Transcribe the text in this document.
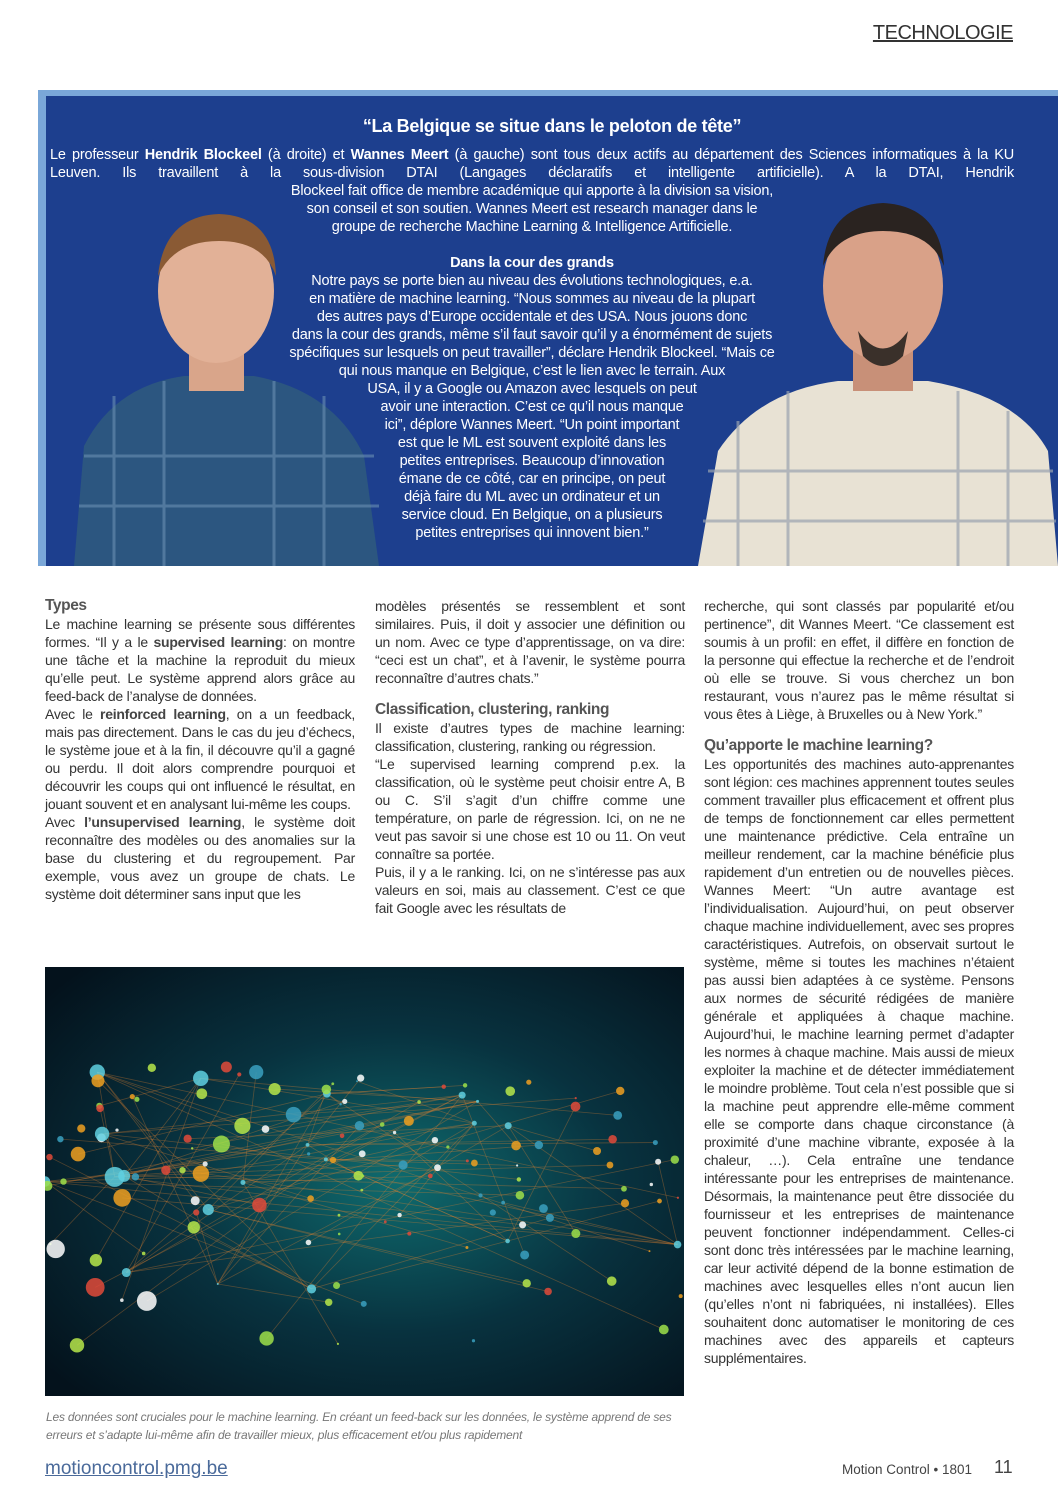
TECHNOLOGIE
“La Belgique se situe dans le peloton de tête”
Le professeur Hendrik Blockeel (à droite) et Wannes Meert (à gauche) sont tous deux actifs au département des Sciences informatiques à la KU
Leuven. Ils travaillent à la sous-division DTAI (Langages déclaratifs et intelligente artificielle). A la DTAI, Hendrik
Blockeel fait office de membre académique qui apporte à la division sa vision,
son conseil et son soutien. Wannes Meert est research manager dans le
groupe de recherche Machine Learning & Intelligence Artificielle.
Dans la cour des grands
Notre pays se porte bien au niveau des évolutions technologiques, e.a.
en matière de machine learning. “Nous sommes au niveau de la plupart
des autres pays d’Europe occidentale et des USA. Nous jouons donc
dans la cour des grands, même s’il faut savoir qu’il y a énormément de sujets
spécifiques sur lesquels on peut travailler”, déclare Hendrik Blockeel. “Mais ce
qui nous manque en Belgique, c’est le lien avec le terrain. Aux
USA, il y a Google ou Amazon avec lesquels on peut
avoir une interaction. C’est ce qu’il nous manque
ici”, déplore Wannes Meert. “Un point important
est que le ML est souvent exploité dans les
petites entreprises. Beaucoup d’innovation
émane de ce côté, car en principe, on peut
déjà faire du ML avec un ordinateur et un
service cloud. En Belgique, on a plusieurs
petites entreprises qui innovent bien.”
Types

Le machine learning se présente sous différentes formes. “Il y a le supervised learning: on montre une tâche et la machine la reproduit du mieux qu’elle peut. Le système apprend alors grâce au feed-back de l’analyse de données.

Avec le reinforced learning, on a un feedback, mais pas directement. Dans le cas du jeu d’échecs, le système joue et à la fin, il découvre qu’il a gagné ou perdu. Il doit alors comprendre pourquoi et découvrir les coups qui ont influencé le résultat, en jouant souvent et en analysant lui-même les coups.

Avec l’unsupervised learning, le système doit reconnaître des modèles ou des anomalies sur la base du clustering et du regroupement. Par exemple, vous avez un groupe de chats. Le système doit déterminer sans input que les

modèles présentés se ressemblent et sont similaires. Puis, il doit y associer une définition ou un nom. Avec ce type d’apprentissage, on va dire: “ceci est un chat”, et à l’avenir, le système pourra reconnaître d’autres chats.”

Classification, clustering, ranking

Il existe d’autres types de machine learning: classification, clustering, ranking ou régression.

“Le supervised learning comprend p.ex. la classification, où le système peut choisir entre A, B ou C. S’il s’agit d’un chiffre comme une température, on parle de régression. Ici, on ne ne veut pas savoir si une chose est 10 ou 11. On veut connaître sa portée.

Puis, il y a le ranking. Ici, on ne s’intéresse pas aux valeurs en soi, mais au classement. C’est ce que fait Google avec les résultats de

recherche, qui sont classés par popularité et/ou pertinence”, dit Wannes Meert. “Ce classement est soumis à un profil: en effet, il diffère en fonction de la personne qui effectue la recherche et de l’endroit où elle se trouve. Si vous cherchez un bon restaurant, vous n’aurez pas le même résultat si vous êtes à Liège, à Bruxelles ou à New York.”

Qu’apporte le machine learning?

Les opportunités des machines auto-apprenantes sont légion: ces machines apprennent toutes seules comment travailler plus efficacement et offrent plus de temps de fonctionnement car elles permettent une maintenance prédictive. Cela entraîne un meilleur rendement, car la machine bénéficie plus rapidement d’un entretien ou de nouvelles pièces. Wannes Meert: “Un autre avantage est l’individualisation. Aujourd’hui, on peut observer chaque machine individuellement, avec ses propres caractéristiques. Autrefois, on observait surtout le système, même si toutes les machines n’étaient pas aussi bien adaptées à ce système. Pensons aux normes de sécurité rédigées de manière générale et appliquées à chaque machine. Aujourd’hui, le machine learning permet d’adapter les normes à chaque machine. Mais aussi de mieux exploiter la machine et de détecter immédiatement le moindre problème. Tout cela n’est possible que si la machine peut apprendre elle-même comment elle se comporte dans chaque circonstance (à proximité d’une machine vibrante, exposée à la chaleur, …). Cela entraîne une tendance intéressante pour les entreprises de maintenance. Désormais, la maintenance peut être dissociée du fournisseur et les entreprises de maintenance peuvent fonctionner indépendamment. Celles-ci sont donc très intéressées par le machine learning, car leur activité dépend de la bonne estimation de machines avec lesquelles elles n’ont aucun lien (qu’elles n’ont ni fabriquées, ni installées). Elles souhaitent donc automatiser le monitoring de ces machines avec des appareils et capteurs supplémentaires.

Les données sont cruciales pour le machine learning. En créant un feed-back sur les données, le système apprend de ses erreurs et s’adapte lui-même afin de travailler mieux, plus efficacement et/ou plus rapidement
motioncontrol.pmg.be	Motion Control • 1801 11
